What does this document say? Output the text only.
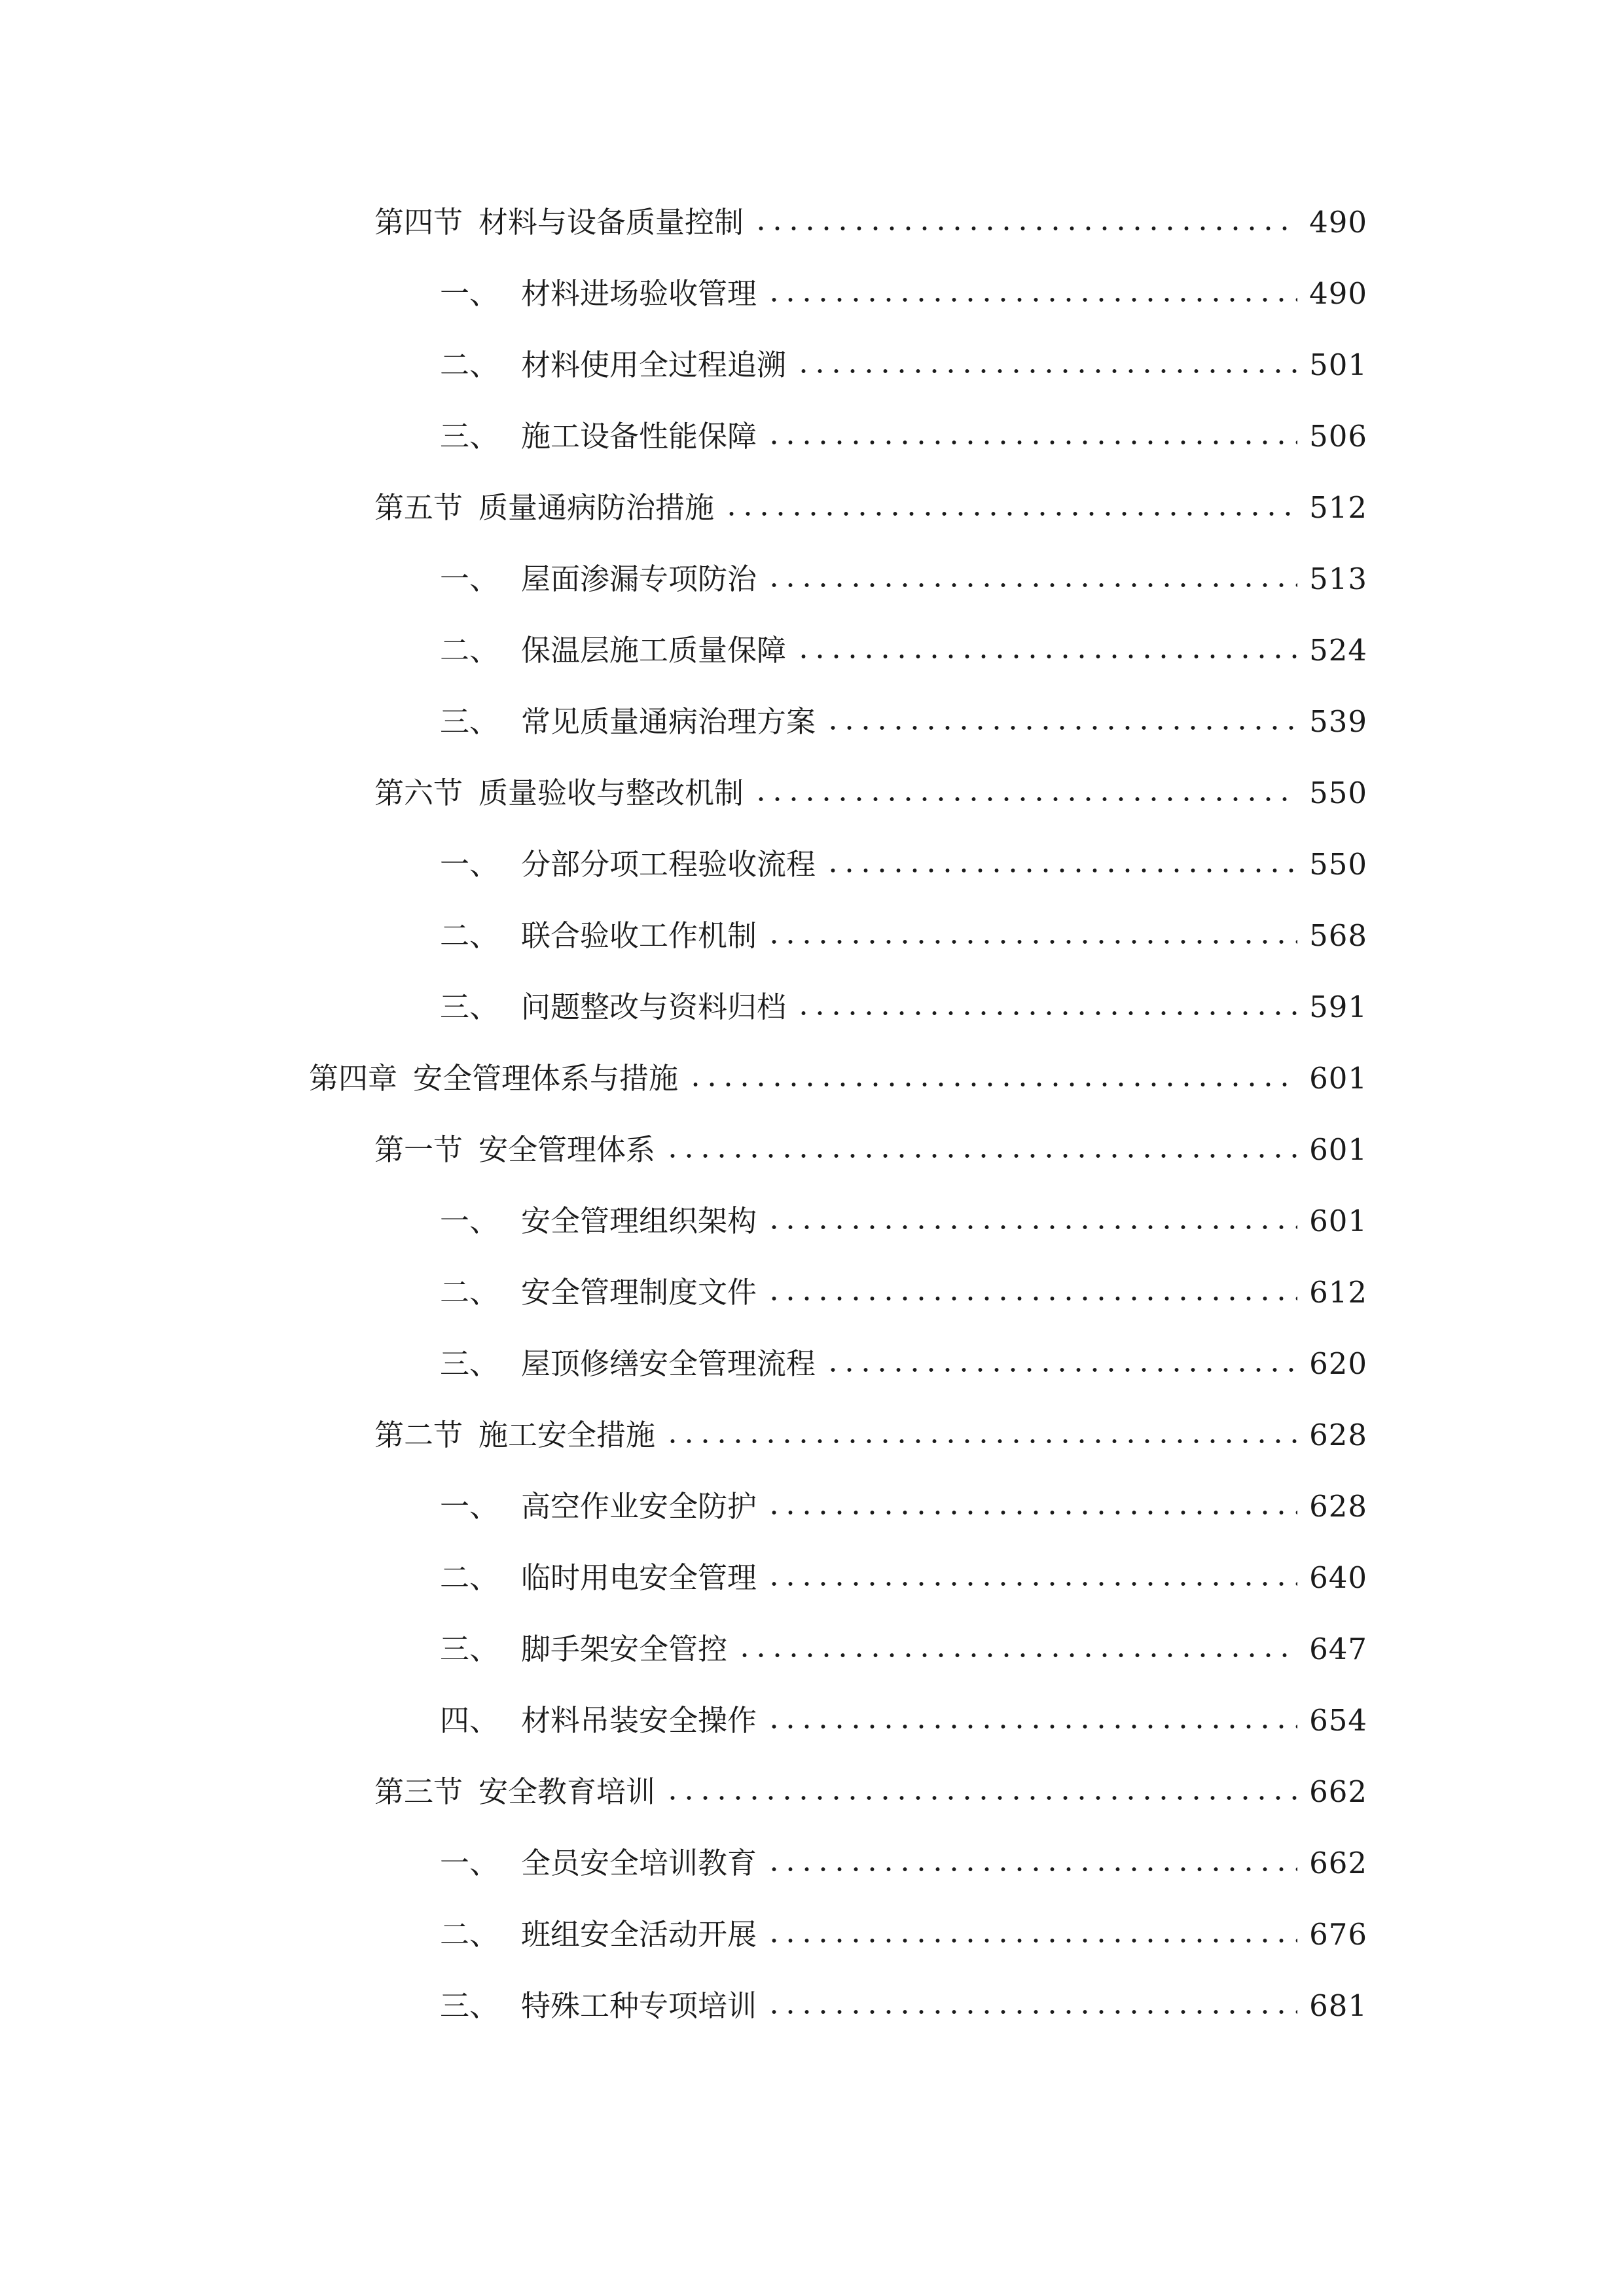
第四节 材料与设备质量控制	490
一、 材料进场验收管理	490
二、 材料使用全过程追溯	501
三、 施工设备性能保障	506
第五节 质量通病防治措施	512
一、 屋面渗漏专项防治	513
二、 保温层施工质量保障	524
三、 常见质量通病治理方案	539
第六节 质量验收与整改机制	550
一、 分部分项工程验收流程	550
二、 联合验收工作机制	568
三、 问题整改与资料归档	591
第四章 安全管理体系与措施	601
第一节 安全管理体系	601
一、 安全管理组织架构	601
二、 安全管理制度文件	612
三、 屋顶修缮安全管理流程	620
第二节 施工安全措施	628
一、 高空作业安全防护	628
二、 临时用电安全管理	640
三、 脚手架安全管控	647
四、 材料吊装安全操作	654
第三节 安全教育培训	662
一、 全员安全培训教育	662
二、 班组安全活动开展	676
三、 特殊工种专项培训	681
